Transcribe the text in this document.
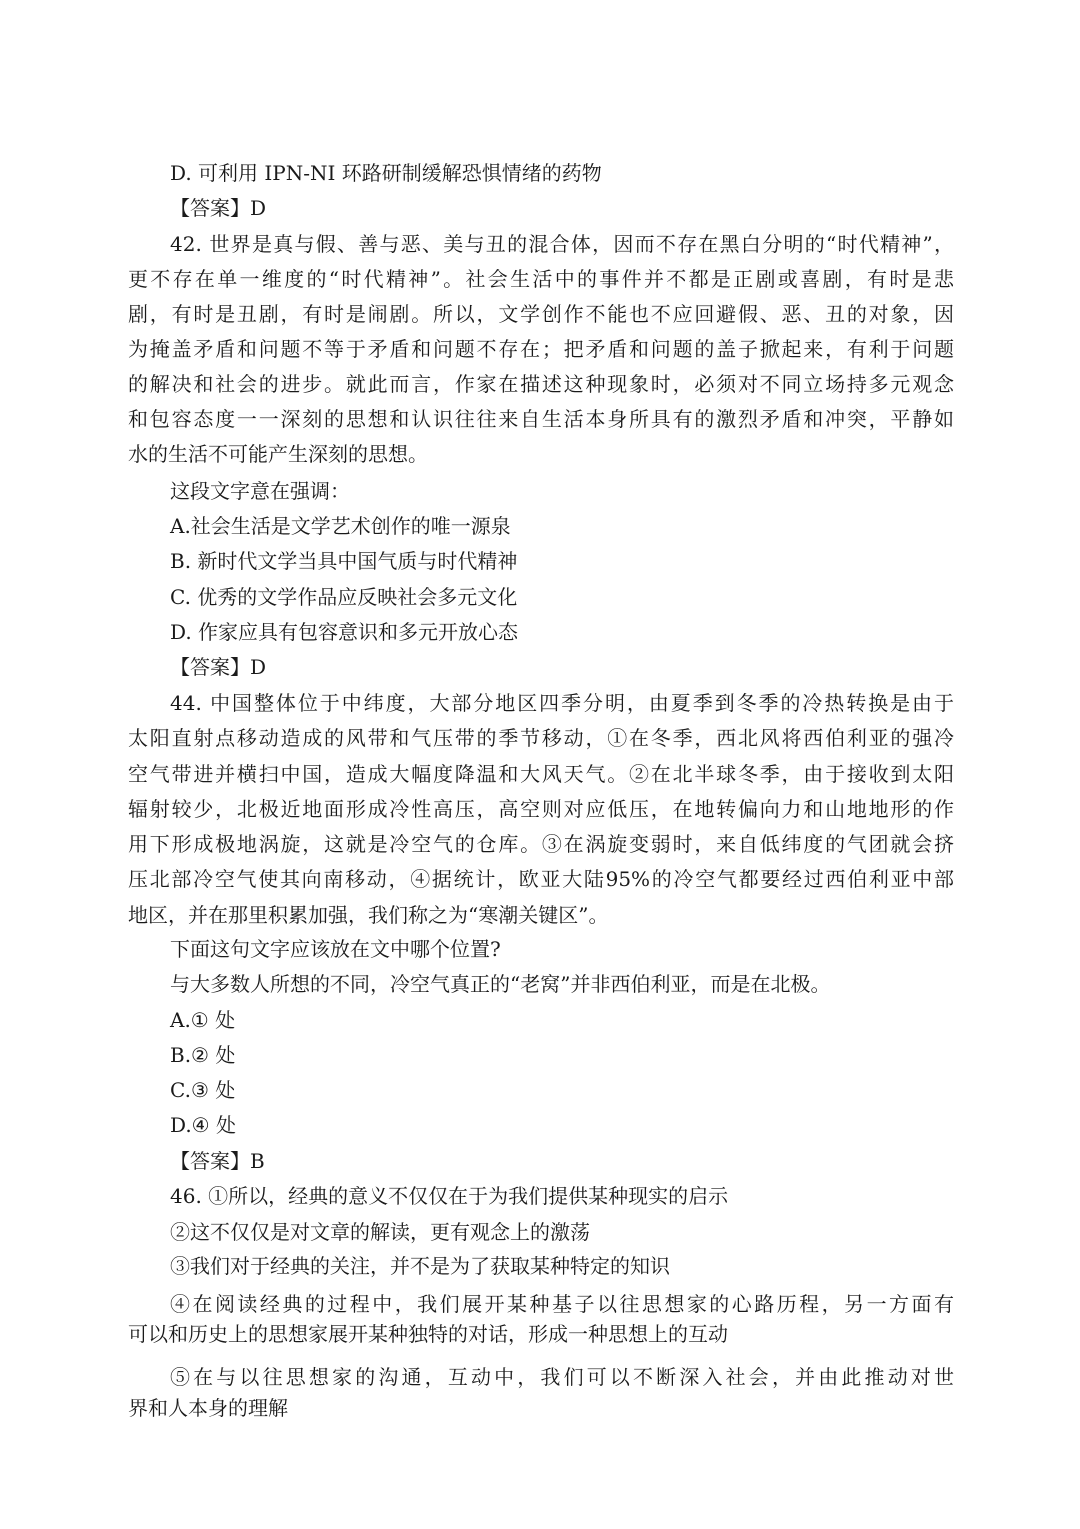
D. 可利用 IPN-NI 环路研制缓解恐惧情绪的药物
【答案】D
42. 世界是真与假、善与恶、美与丑的混合体，因而不存在黑白分明的“时代精神”，
更不存在单一维度的“时代精神”。社会生活中的事件并不都是正剧或喜剧，有时是悲
剧，有时是丑剧，有时是闹剧。所以，文学创作不能也不应回避假、恶、丑的对象，因
为掩盖矛盾和问题不等于矛盾和问题不存在；把矛盾和问题的盖子掀起来，有利于问题
的解决和社会的进步。就此而言，作家在描述这种现象时，必须对不同立场持多元观念
和包容态度一一深刻的思想和认识往往来自生活本身所具有的激烈矛盾和冲突，平静如
水的生活不可能产生深刻的思想。
这段文字意在强调：
A.社会生活是文学艺术创作的唯一源泉
B. 新时代文学当具中国气质与时代精神
C. 优秀的文学作品应反映社会多元文化
D. 作家应具有包容意识和多元开放心态
【答案】D
44. 中国整体位于中纬度，大部分地区四季分明，由夏季到冬季的冷热转换是由于
太阳直射点移动造成的风带和气压带的季节移动，①在冬季，西北风将西伯利亚的强冷
空气带进并横扫中国，造成大幅度降温和大风天气。②在北半球冬季，由于接收到太阳
辐射较少，北极近地面形成冷性高压，高空则对应低压，在地转偏向力和山地地形的作
用下形成极地涡旋，这就是冷空气的仓库。③在涡旋变弱时，来自低纬度的气团就会挤
压北部冷空气使其向南移动，④据统计，欧亚大陆95%的冷空气都要经过西伯利亚中部
地区，并在那里积累加强，我们称之为“寒潮关键区”。
下面这句文字应该放在文中哪个位置?
与大多数人所想的不同，冷空气真正的“老窝”并非西伯利亚，而是在北极。
A.① 处
B.② 处
C.③ 处
D.④ 处
【答案】B
46. ①所以，经典的意义不仅仅在于为我们提供某种现实的启示
②这不仅仅是对文章的解读，更有观念上的激荡
③我们对于经典的关注，并不是为了获取某种特定的知识
④在阅读经典的过程中，我们展开某种基子以往思想家的心路历程，另一方面有
可以和历史上的思想家展开某种独特的对话，形成一种思想上的互动
⑤在与以往思想家的沟通，互动中，我们可以不断深入社会，并由此推动对世
界和人本身的理解
